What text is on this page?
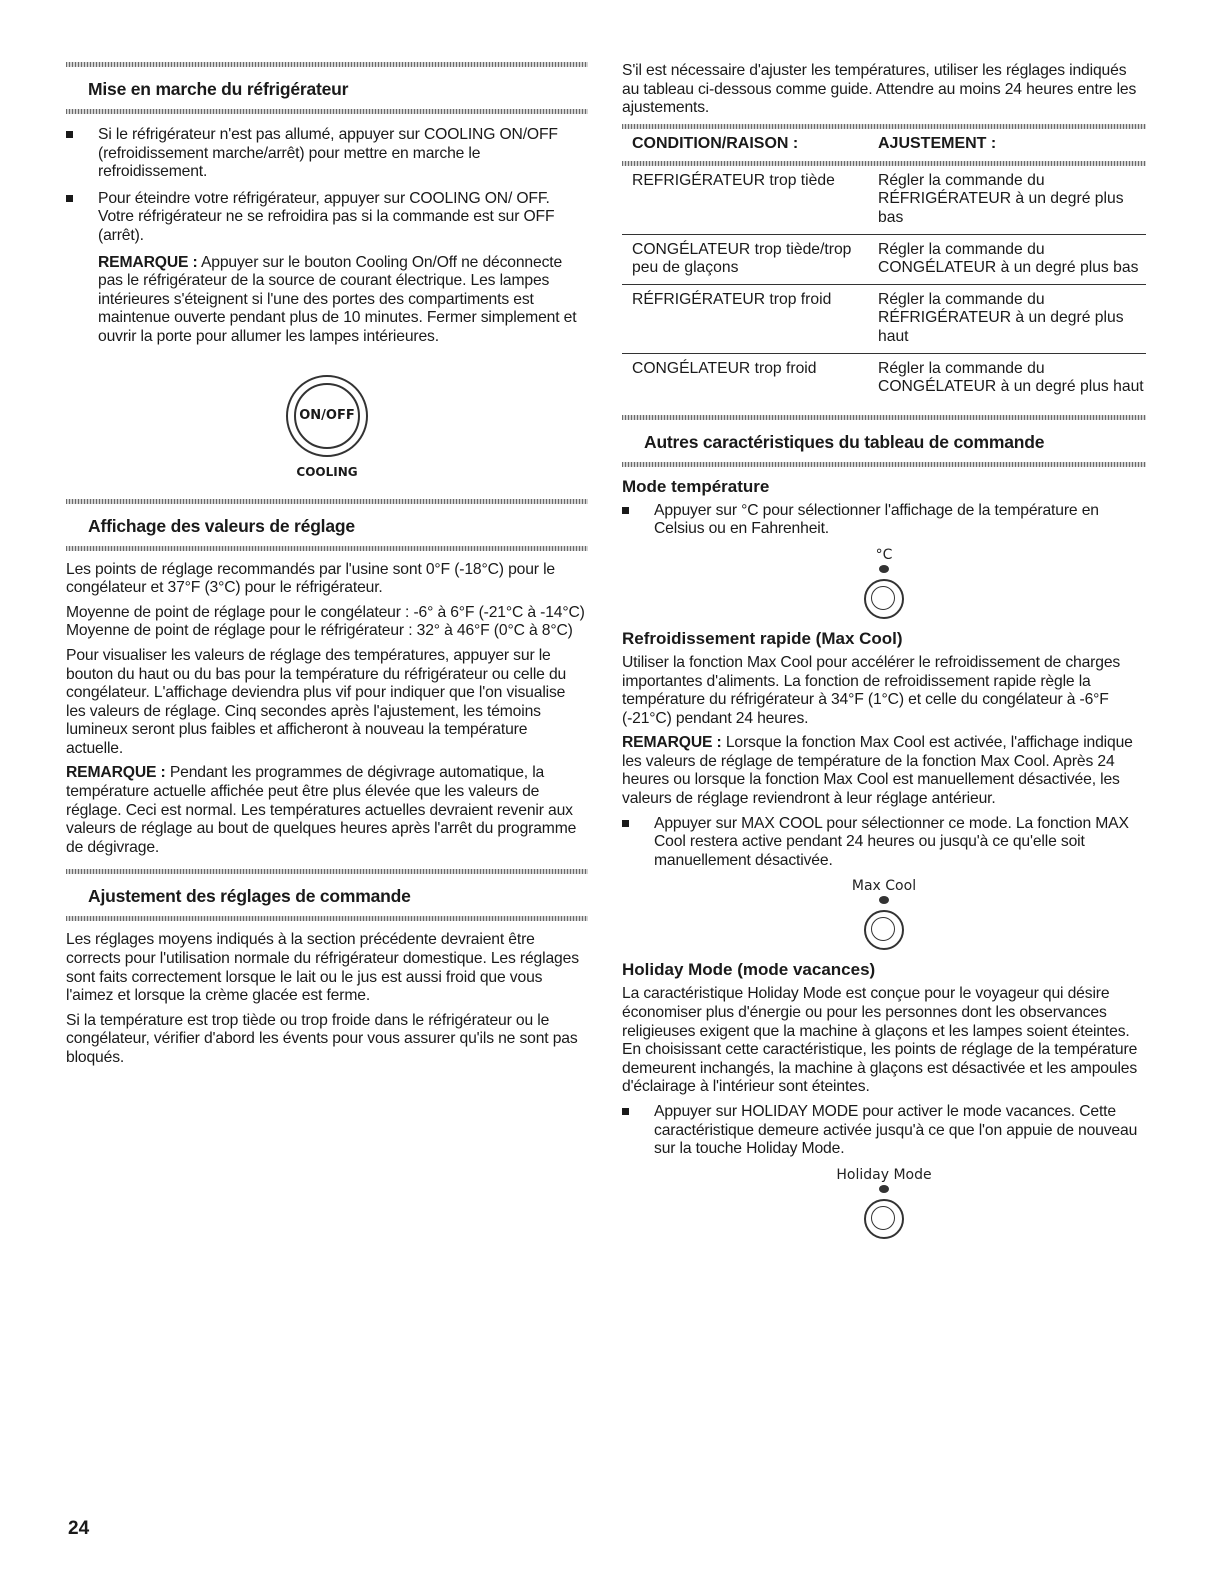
Mise en marche du réfrigérateur

Si le réfrigérateur n'est pas allumé, appuyer sur COOLING ON/OFF (refroidissement marche/arrêt) pour mettre en marche le refroidissement.

Pour éteindre votre réfrigérateur, appuyer sur COOLING ON/ OFF. Votre réfrigérateur ne se refroidira pas si la commande est sur OFF (arrêt).

REMARQUE : Appuyer sur le bouton Cooling On/Off ne déconnecte pas le réfrigérateur de la source de courant électrique. Les lampes intérieures s'éteignent si l'une des portes des compartiments est maintenue ouverte pendant plus de 10 minutes. Fermer simplement et ouvrir la porte pour allumer les lampes intérieures.

ON/OFF
COOLING
Affichage des valeurs de réglage

Les points de réglage recommandés par l'usine sont 0°F (-18°C) pour le congélateur et 37°F (3°C) pour le réfrigérateur.

Moyenne de point de réglage pour le congélateur : -6° à 6°F (-21°C à -14°C)

Moyenne de point de réglage pour le réfrigérateur : 32° à 46°F (0°C à 8°C)

Pour visualiser les valeurs de réglage des températures, appuyer sur le bouton du haut ou du bas pour la température du réfrigérateur ou celle du congélateur. L'affichage deviendra plus vif pour indiquer que l'on visualise les valeurs de réglage. Cinq secondes après l'ajustement, les témoins lumineux seront plus faibles et afficheront à nouveau la température actuelle.

REMARQUE : Pendant les programmes de dégivrage automatique, la température actuelle affichée peut être plus élevée que les valeurs de réglage. Ceci est normal. Les températures actuelles devraient revenir aux valeurs de réglage au bout de quelques heures après l'arrêt du programme de dégivrage.

Ajustement des réglages de commande

Les réglages moyens indiqués à la section précédente devraient être corrects pour l'utilisation normale du réfrigérateur domestique. Les réglages sont faits correctement lorsque le lait ou le jus est aussi froid que vous l'aimez et lorsque la crème glacée est ferme.

Si la température est trop tiède ou trop froide dans le réfrigérateur ou le congélateur, vérifier d'abord les évents pour vous assurer qu'ils ne sont pas bloqués.

S'il est nécessaire d'ajuster les températures, utiliser les réglages indiqués au tableau ci-dessous comme guide. Attendre au moins 24 heures entre les ajustements.

CONDITION/RAISON :	AJUSTEMENT :

REFRIGÉRATEUR trop tiède	Régler la commande du RÉFRIGÉRATEUR à un degré plus bas
CONGÉLATEUR trop tiède/trop peu de glaçons	Régler la commande du CONGÉLATEUR à un degré plus bas
RÉFRIGÉRATEUR trop froid	Régler la commande du RÉFRIGÉRATEUR à un degré plus haut
CONGÉLATEUR trop froid	Régler la commande du CONGÉLATEUR à un degré plus haut
Autres caractéristiques du tableau de commande
Mode température

Appuyer sur °C pour sélectionner l'affichage de la température en Celsius ou en Fahrenheit.

°C
Refroidissement rapide (Max Cool)

Utiliser la fonction Max Cool pour accélérer le refroidissement de charges importantes d'aliments. La fonction de refroidissement rapide règle la température du réfrigérateur à 34°F (1°C) et celle du congélateur à -6°F (-21°C) pendant 24 heures.

REMARQUE : Lorsque la fonction Max Cool est activée, l'affichage indique les valeurs de réglage de température de la fonction Max Cool. Après 24 heures ou lorsque la fonction Max Cool est manuellement désactivée, les valeurs de réglage reviendront à leur réglage antérieur.

Appuyer sur MAX COOL pour sélectionner ce mode. La fonction MAX Cool restera active pendant 24 heures ou jusqu'à ce qu'elle soit manuellement désactivée.

Max Cool
Holiday Mode (mode vacances)

La caractéristique Holiday Mode est conçue pour le voyageur qui désire économiser plus d'énergie ou pour les personnes dont les observances religieuses exigent que la machine à glaçons et les lampes soient éteintes. En choisissant cette caractéristique, les points de réglage de la température demeurent inchangés, la machine à glaçons est désactivée et les ampoules d'éclairage à l'intérieur sont éteintes.

Appuyer sur HOLIDAY MODE pour activer le mode vacances. Cette caractéristique demeure activée jusqu'à ce que l'on appuie de nouveau sur la touche Holiday Mode.

Holiday Mode
24
